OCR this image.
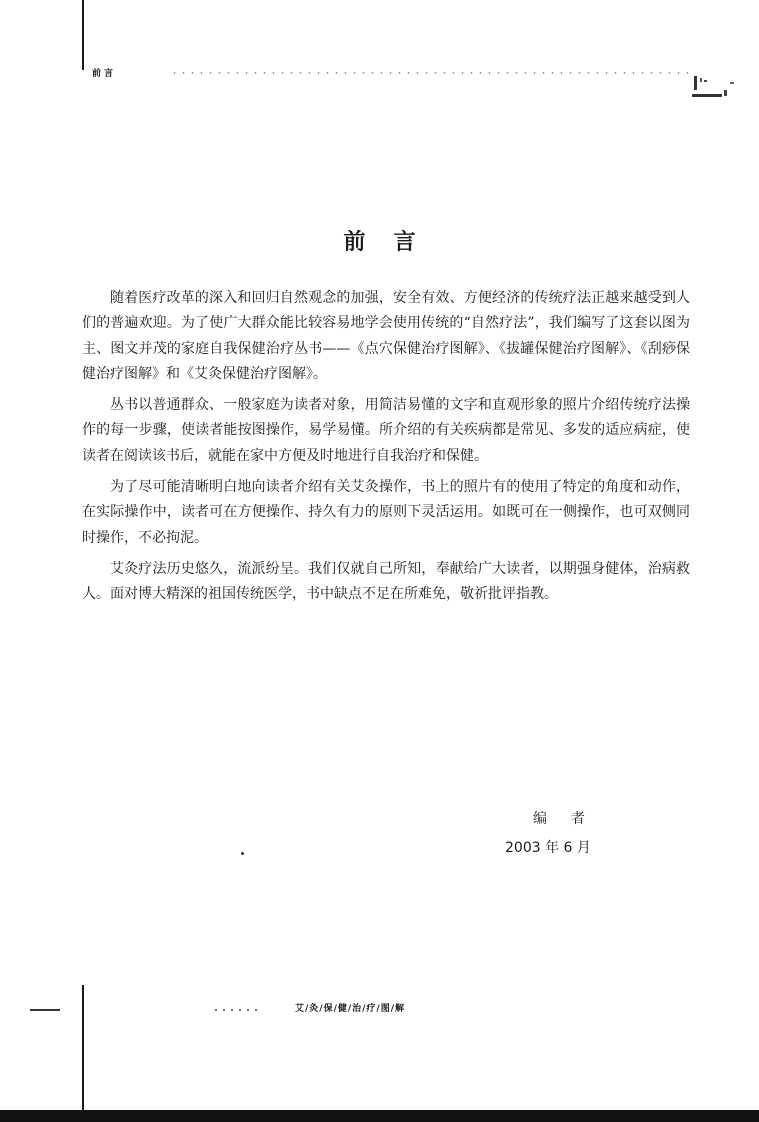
前言
前言

随着医疗改革的深入和回归自然观念的加强，安全有效、方便经济的传统疗法正越来越受到人们的普遍欢迎。为了使广大群众能比较容易地学会使用传统的“自然疗法”，我们编写了这套以图为主、图文并茂的家庭自我保健治疗丛书——《点穴保健治疗图解》、《拔罐保健治疗图解》、《刮痧保健治疗图解》和《艾灸保健治疗图解》。

丛书以普通群众、一般家庭为读者对象，用简洁易懂的文字和直观形象的照片介绍传统疗法操作的每一步骤，使读者能按图操作，易学易懂。所介绍的有关疾病都是常见、多发的适应病症，使读者在阅读该书后，就能在家中方便及时地进行自我治疗和保健。

为了尽可能清晰明白地向读者介绍有关艾灸操作，书上的照片有的使用了特定的角度和动作，在实际操作中，读者可在方便操作、持久有力的原则下灵活运用。如既可在一侧操作，也可双侧同时操作，不必拘泥。

艾灸疗法历史悠久，流派纷呈。我们仅就自己所知，奉献给广大读者，以期强身健体，治病救人。面对博大精深的祖国传统医学，书中缺点不足在所难免，敬祈批评指教。

编者
2003 年 6 月
艾/灸/保/健/治/疗/图/解
